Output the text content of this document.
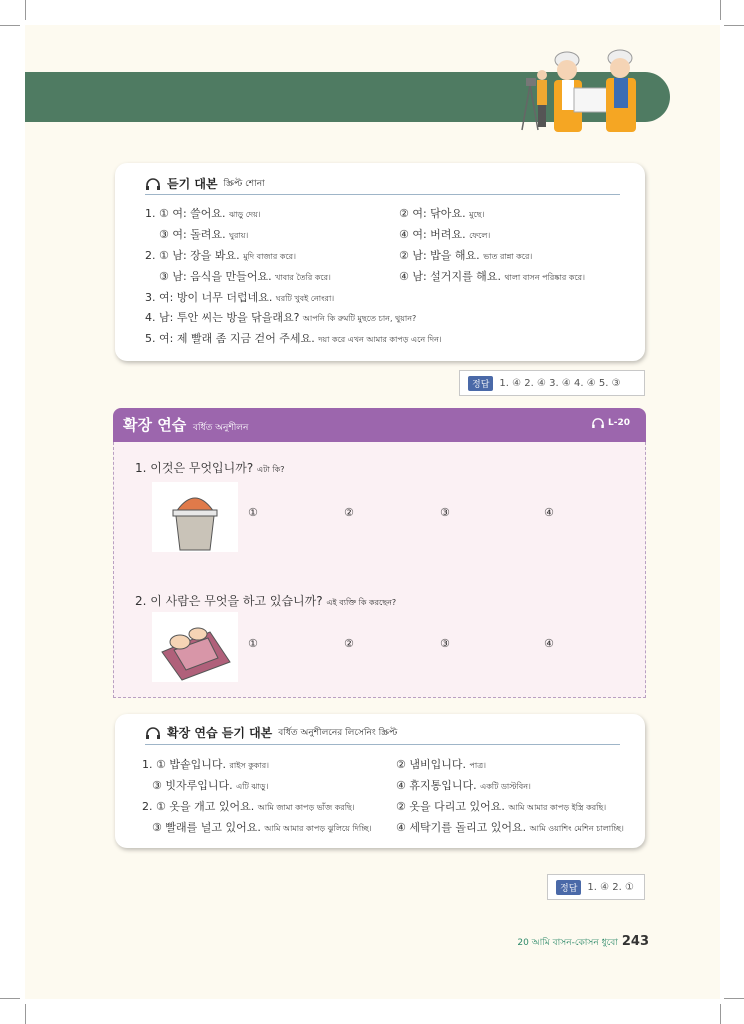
듣기 대본 স্ক্রিপ্ট শোনা
1. ① 여: 쓸어요. ঝাড়ু দেয়।	② 여: 닦아요. মুছে।
③ 여: 돌려요. ঘুরায়।	④ 여: 버려요. ফেলে।
2. ① 남: 장을 봐요. মুদি বাজার করে।	② 남: 밥을 해요. ভাত রান্না করে।
③ 남: 음식을 만들어요. খাবার তৈরি করে।	④ 남: 설거지를 해요. থালা বাসন পরিষ্কার করে।
3. 여: 방이 너무 더럽네요. ঘরটি খুবই নোংরা।
4. 남: 투안 씨는 방을 닦을래요? আপনি কি রুমটি মুছতে চান, থুয়ান?
5. 여: 제 빨래 좀 지금 걷어 주세요. দয়া করে এখন আমার কাপড় এনে দিন।
정답	1. ④ 2. ④ 3. ④ 4. ④ 5. ③
확장 연습 বর্ধিত অনুশীলন	L-20
1. 이것은 무엇입니까? এটা কি?
①	②	③	④
2. 이 사람은 무엇을 하고 있습니까? এই ব্যক্তি কি করছেন?
①	②	③	④
확장 연습 듣기 대본 বর্ধিত অনুশীলনের লিসেনিং স্ক্রিপ্ট
1. ① 밥솥입니다. রাইস কুকার।	② 냄비입니다. পাত্র।
③ 빗자루입니다. এটি ঝাড়ু।	④ 휴지통입니다. একটি ডাস্টবিন।
2. ① 옷을 개고 있어요. আমি জামা কাপড় ভাঁজ করছি।	② 옷을 다리고 있어요. আমি আমার কাপড় ইস্ত্রি করছি।
③ 빨래를 널고 있어요. আমি আমার কাপড় ঝুলিয়ে দিচ্ছি। ④ 세탁기를 돌리고 있어요. আমি ওয়াশিং মেশিন চালাচ্ছি।
정답	1. ④ 2. ①
20 আমি বাসন-কোসন ধুবো 243
